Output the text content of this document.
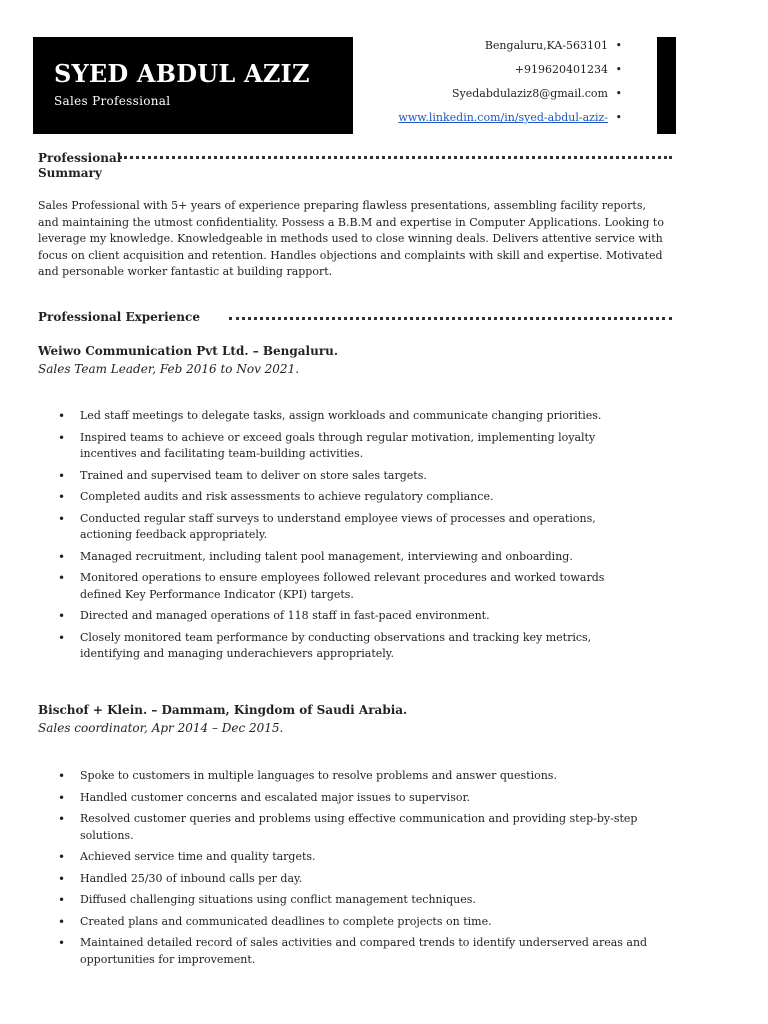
SYED ABDUL AZIZ
Sales Professional
Bengaluru,KA-563101 •
+919620401234 •
Syedabdulaziz8@gmail.com •
www.linkedin.com/in/syed-abdul-aziz- •
Professional
Summary
Sales Professional with 5+ years of experience preparing flawless presentations, assembling facility reports, and maintaining the utmost confidentiality. Possess a B.B.M and expertise in Computer Applications. Looking to leverage my knowledge. Knowledgeable in methods used to close winning deals. Delivers attentive service with focus on client acquisition and retention. Handles objections and complaints with skill and expertise. Motivated and personable worker fantastic at building rapport.
Professional Experience
Weiwo Communication Pvt Ltd. – Bengaluru.
Sales Team Leader, Feb 2016 to Nov 2021.
• Led staff meetings to delegate tasks, assign workloads and communicate changing priorities.
• Inspired teams to achieve or exceed goals through regular motivation, implementing loyalty incentives and facilitating team-building activities.
• Trained and supervised team to deliver on store sales targets.
• Completed audits and risk assessments to achieve regulatory compliance.
• Conducted regular staff surveys to understand employee views of processes and operations, actioning feedback appropriately.
• Managed recruitment, including talent pool management, interviewing and onboarding.
• Monitored operations to ensure employees followed relevant procedures and worked towards defined Key Performance Indicator (KPI) targets.
• Directed and managed operations of 118 staff in fast-paced environment.
• Closely monitored team performance by conducting observations and tracking key metrics, identifying and managing underachievers appropriately.
Bischof + Klein. – Dammam, Kingdom of Saudi Arabia.
Sales coordinator, Apr 2014 – Dec 2015.
• Spoke to customers in multiple languages to resolve problems and answer questions.
• Handled customer concerns and escalated major issues to supervisor.
• Resolved customer queries and problems using effective communication and providing step-by-step solutions.
• Achieved service time and quality targets.
• Handled 25/30 of inbound calls per day.
• Diffused challenging situations using conflict management techniques.
• Created plans and communicated deadlines to complete projects on time.
• Maintained detailed record of sales activities and compared trends to identify underserved areas and opportunities for improvement.
